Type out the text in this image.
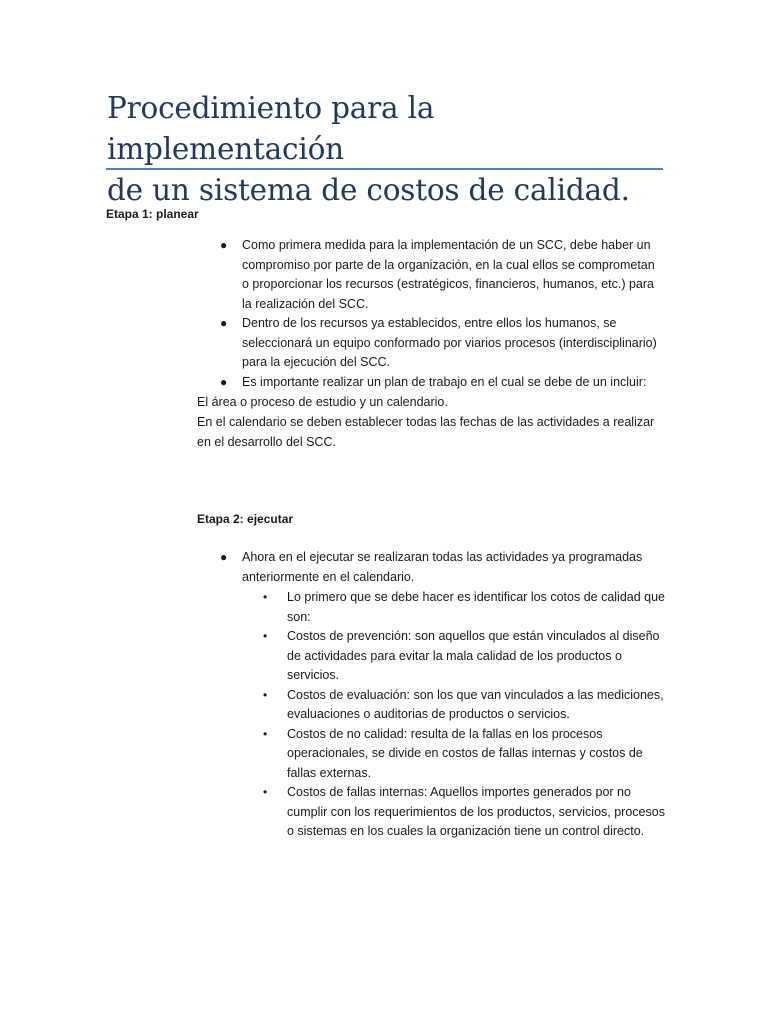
Procedimiento para la implementación
de un sistema de costos de calidad.
Etapa 1: planear
● Como primera medida para la implementación de un SCC, debe haber un compromiso por parte de la organización, en la cual ellos se comprometan o proporcionar los recursos (estratégicos, financieros, humanos, etc.) para la realización del SCC.
● Dentro de los recursos ya establecidos, entre ellos los humanos, se seleccionará un equipo conformado por viarios procesos (interdisciplinario) para la ejecución del SCC.
● Es importante realizar un plan de trabajo en el cual se debe de un incluir:
El área o proceso de estudio y un calendario.
En el calendario se deben establecer todas las fechas de las actividades a realizar en el desarrollo del SCC.
Etapa 2: ejecutar
● Ahora en el ejecutar se realizaran todas las actividades ya programadas anteriormente en el calendario.
• Lo primero que se debe hacer es identificar los cotos de calidad que son:
• Costos de prevención: son aquellos que están vinculados al diseño de actividades para evitar la mala calidad de los productos o servicios.
• Costos de evaluación: son los que van vinculados a las mediciones, evaluaciones o auditorias de productos o servicios.
• Costos de no calidad: resulta de la fallas en los procesos operacionales, se divide en costos de fallas internas y costos de fallas externas.
• Costos de fallas internas: Aquellos importes generados por no cumplir con los requerimientos de los productos, servicios, procesos o sistemas en los cuales la organización tiene un control directo.
